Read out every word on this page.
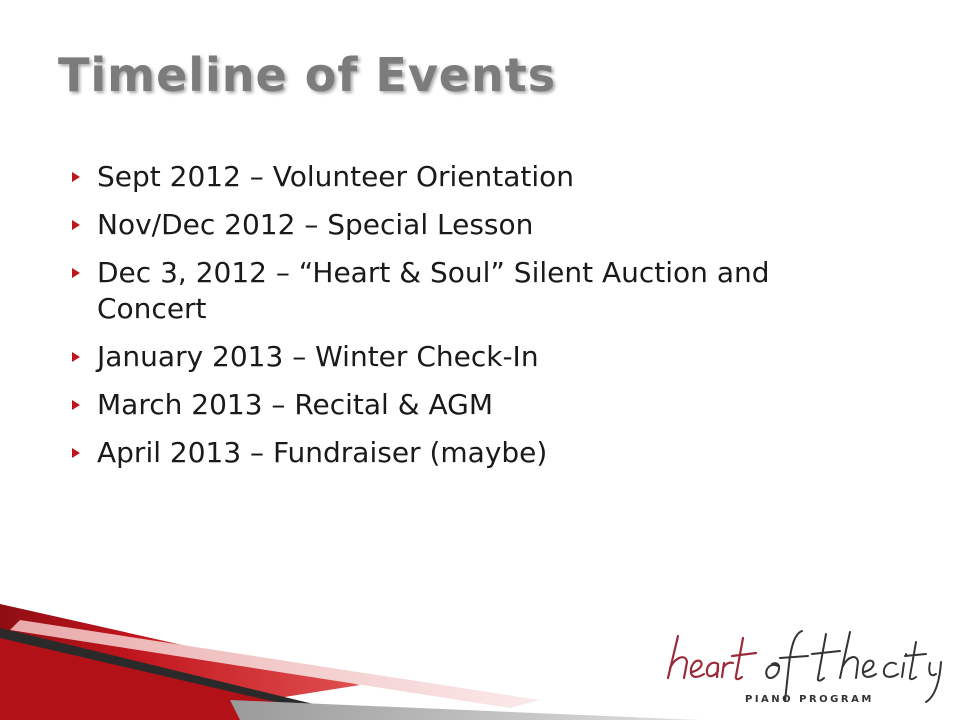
Timeline of Events
Sept 2012 – Volunteer Orientation
Nov/Dec 2012 – Special Lesson
Dec 3, 2012 – “Heart & Soul” Silent Auction and Concert
January 2013 – Winter Check-In
March 2013 – Recital & AGM
April 2013 – Fundraiser (maybe)
PIANO PROGRAM
